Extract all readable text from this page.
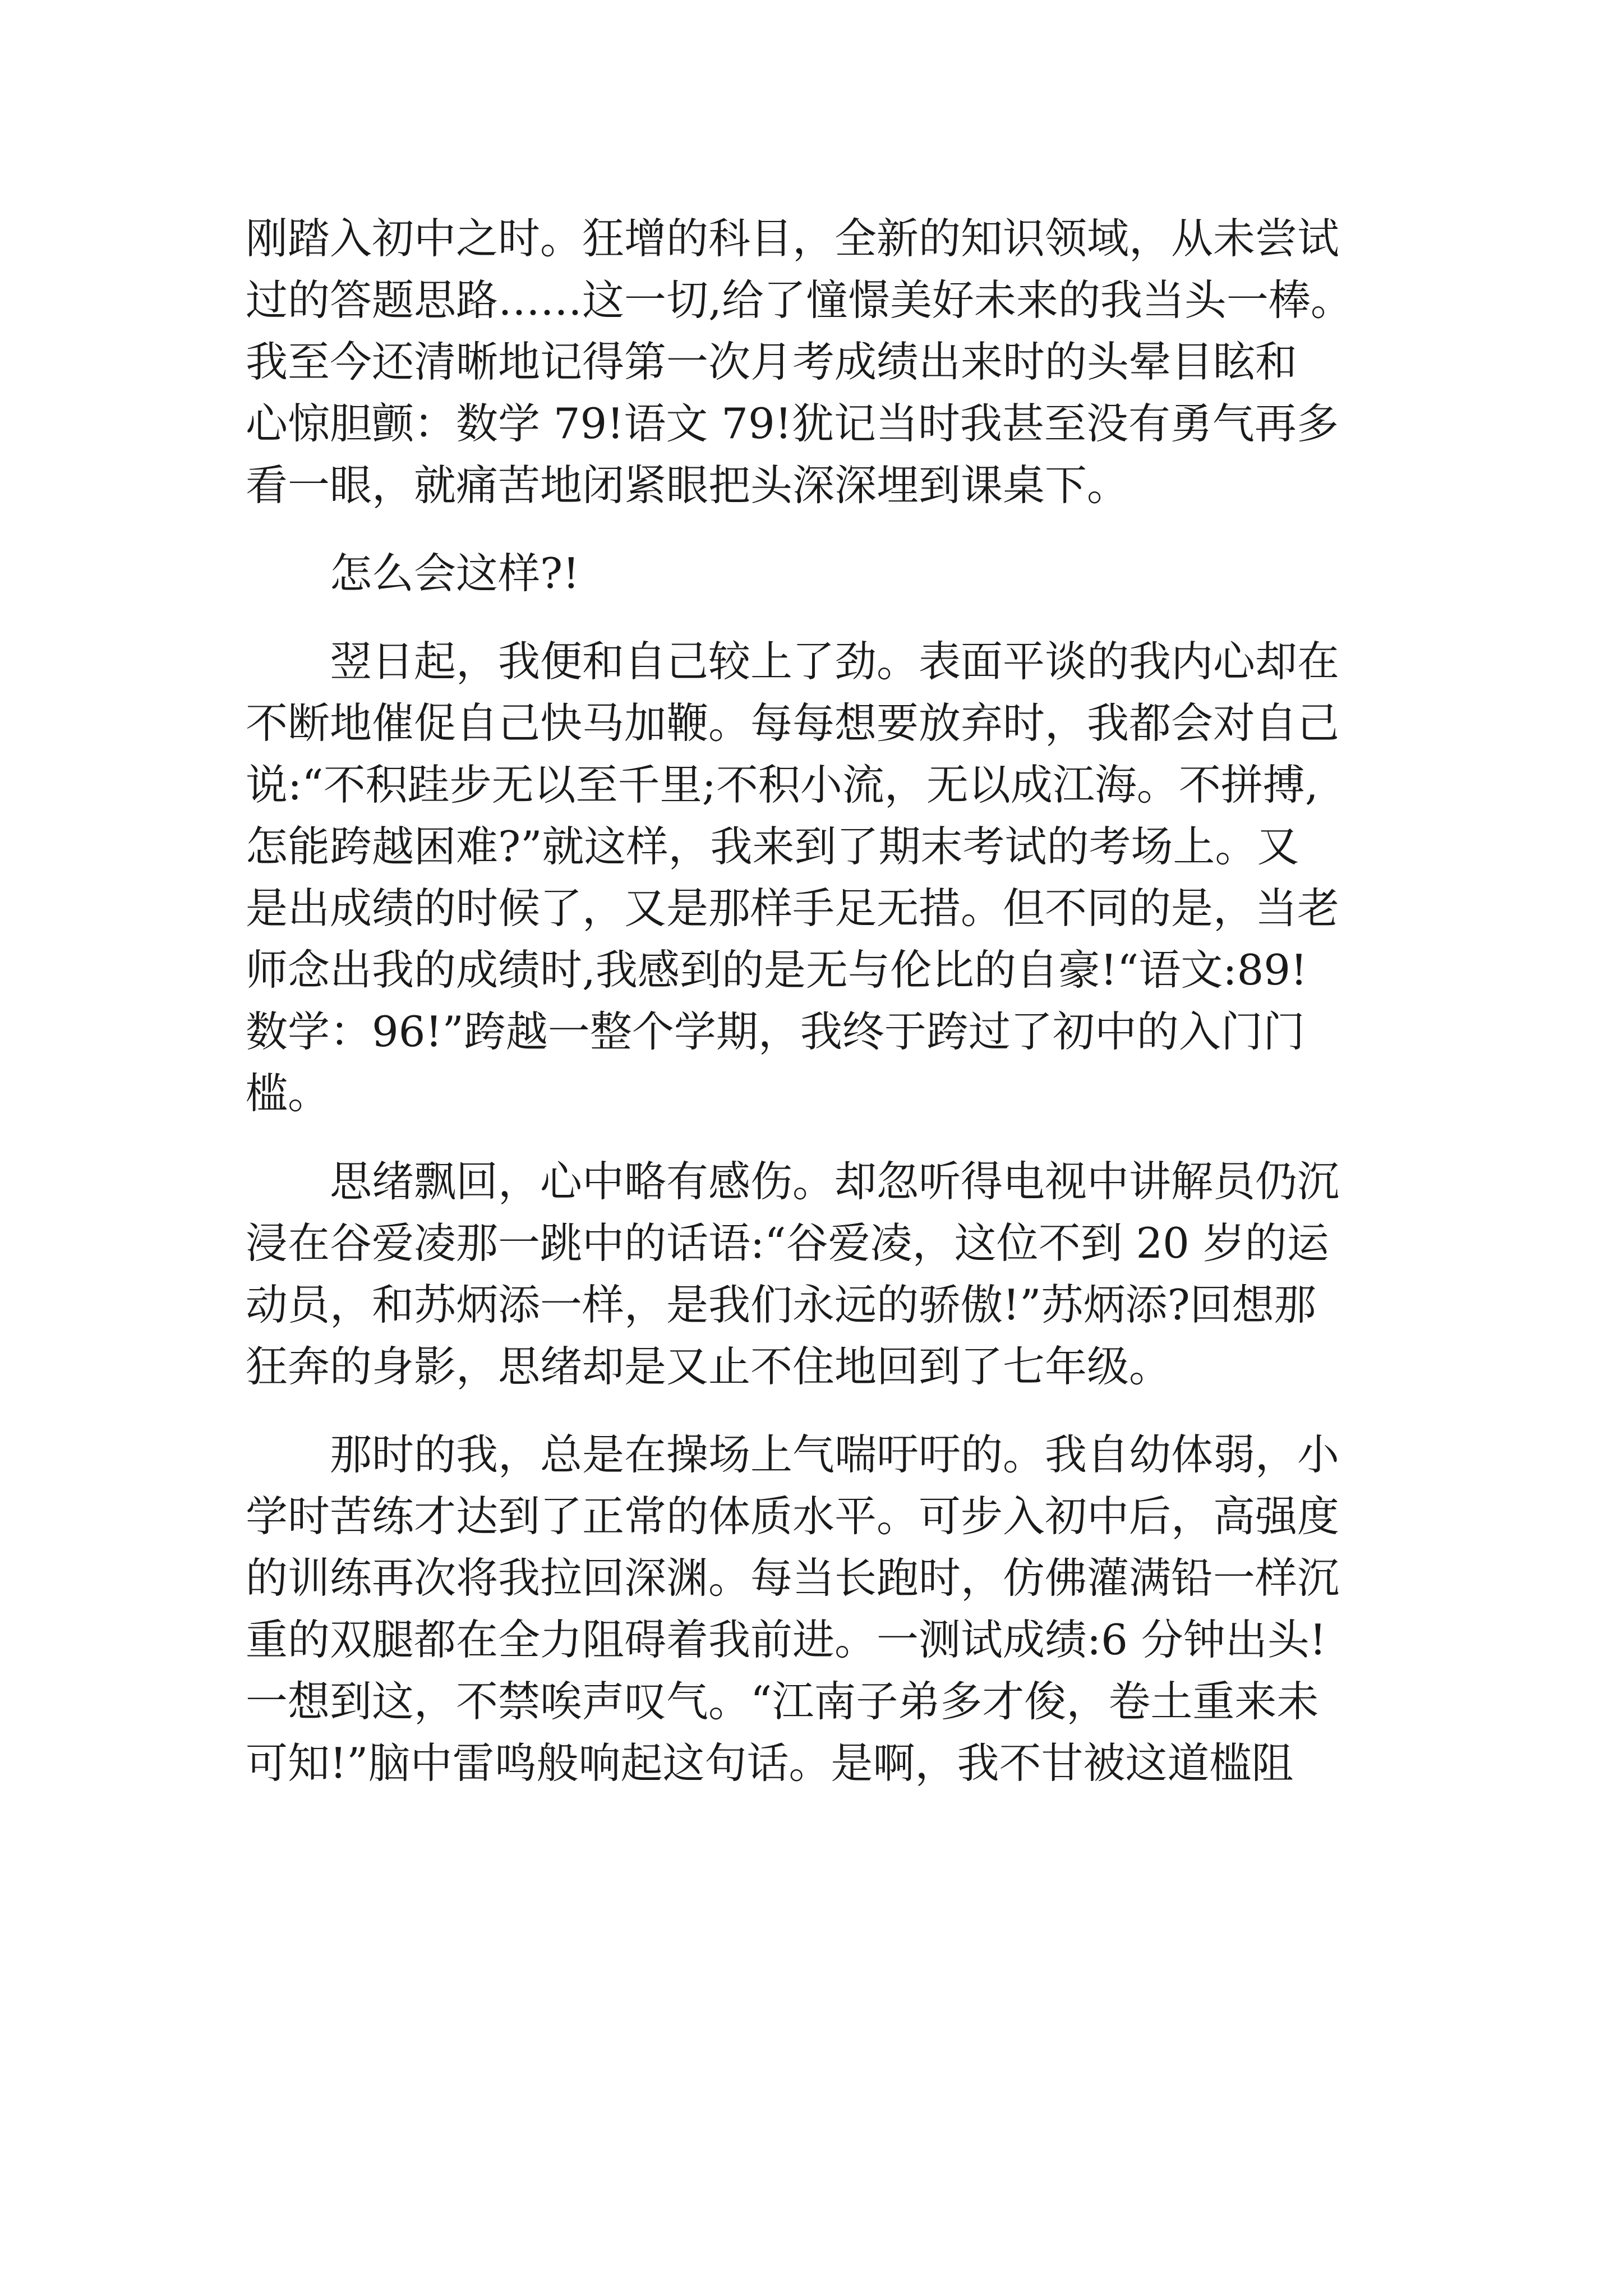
刚踏入初中之时。狂增的科目，全新的知识领域，从未尝试
过的答题思路……这一切,给了憧憬美好未来的我当头一棒。
我至今还清晰地记得第一次月考成绩出来时的头晕目眩和
心惊胆颤：数学 79!语文 79!犹记当时我甚至没有勇气再多
看一眼，就痛苦地闭紧眼把头深深埋到课桌下。
怎么会这样?!
翌日起，我便和自己较上了劲。表面平谈的我内心却在
不断地催促自己快马加鞭。每每想要放弃时，我都会对自己
说:“不积跬步无以至千里;不积小流，无以成江海。不拼搏,
怎能跨越困难?”就这样，我来到了期末考试的考场上。又
是出成绩的时候了，又是那样手足无措。但不同的是，当老
师念出我的成绩时,我感到的是无与伦比的自豪!“语文:89!
数学：96!”跨越一整个学期，我终于跨过了初中的入门门
槛。
思绪飘回，心中略有感伤。却忽听得电视中讲解员仍沉
浸在谷爱凌那一跳中的话语:“谷爱凌，这位不到 20 岁的运
动员，和苏炳添一样，是我们永远的骄傲!”苏炳添?回想那
狂奔的身影，思绪却是又止不住地回到了七年级。
那时的我，总是在操场上气喘吁吁的。我自幼体弱，小
学时苦练才达到了正常的体质水平。可步入初中后，高强度
的训练再次将我拉回深渊。每当长跑时，仿佛灌满铅一样沉
重的双腿都在全力阻碍着我前进。一测试成绩:6 分钟出头!
一想到这，不禁唉声叹气。“江南子弟多才俊，卷土重来未
可知!”脑中雷鸣般响起这句话。是啊，我不甘被这道槛阻
